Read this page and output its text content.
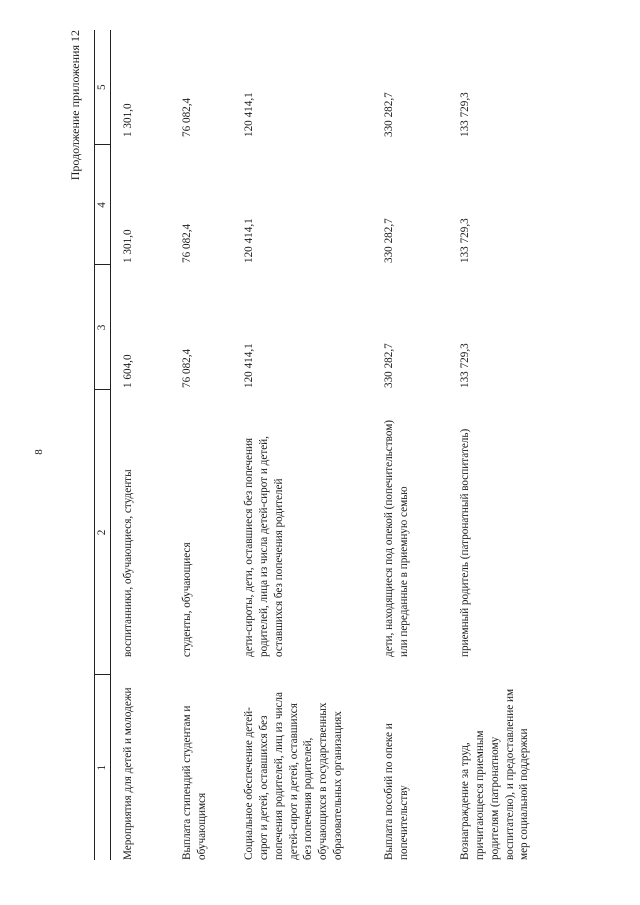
8
Продолжение приложения 12
1	2	3	4	5
Мероприятия для детей и молодежи	воспитанники, обучающиеся, студенты	1 604,0	1 301,0	1 301,0
Выплата стипендий студентам и обучающимся	студенты, обучающиеся	76 082,4	76 082,4	76 082,4
Социальное обеспечение детей-сирот и детей, оставшихся без попечения родителей, лиц из числа детей-сирот и детей, оставшихся без попечения родителей, обучающихся в государственных образовательных организациях	дети-сироты, дети, оставшиеся без попечения родителей, лица из числа детей-сирот и детей, оставшихся без попечения родителей	120 414,1	120 414,1	120 414,1
Выплата пособий по опеке и попечительству	дети, находящиеся под опекой (попечительством) или переданные в приемную семью	330 282,7	330 282,7	330 282,7
Вознаграждение за труд, причитающееся приемным родителям (патронатному воспитателю), и предоставление им мер социальной поддержки	приемный родитель (патронатный воспитатель)	133 729,3	133 729,3	133 729,3
